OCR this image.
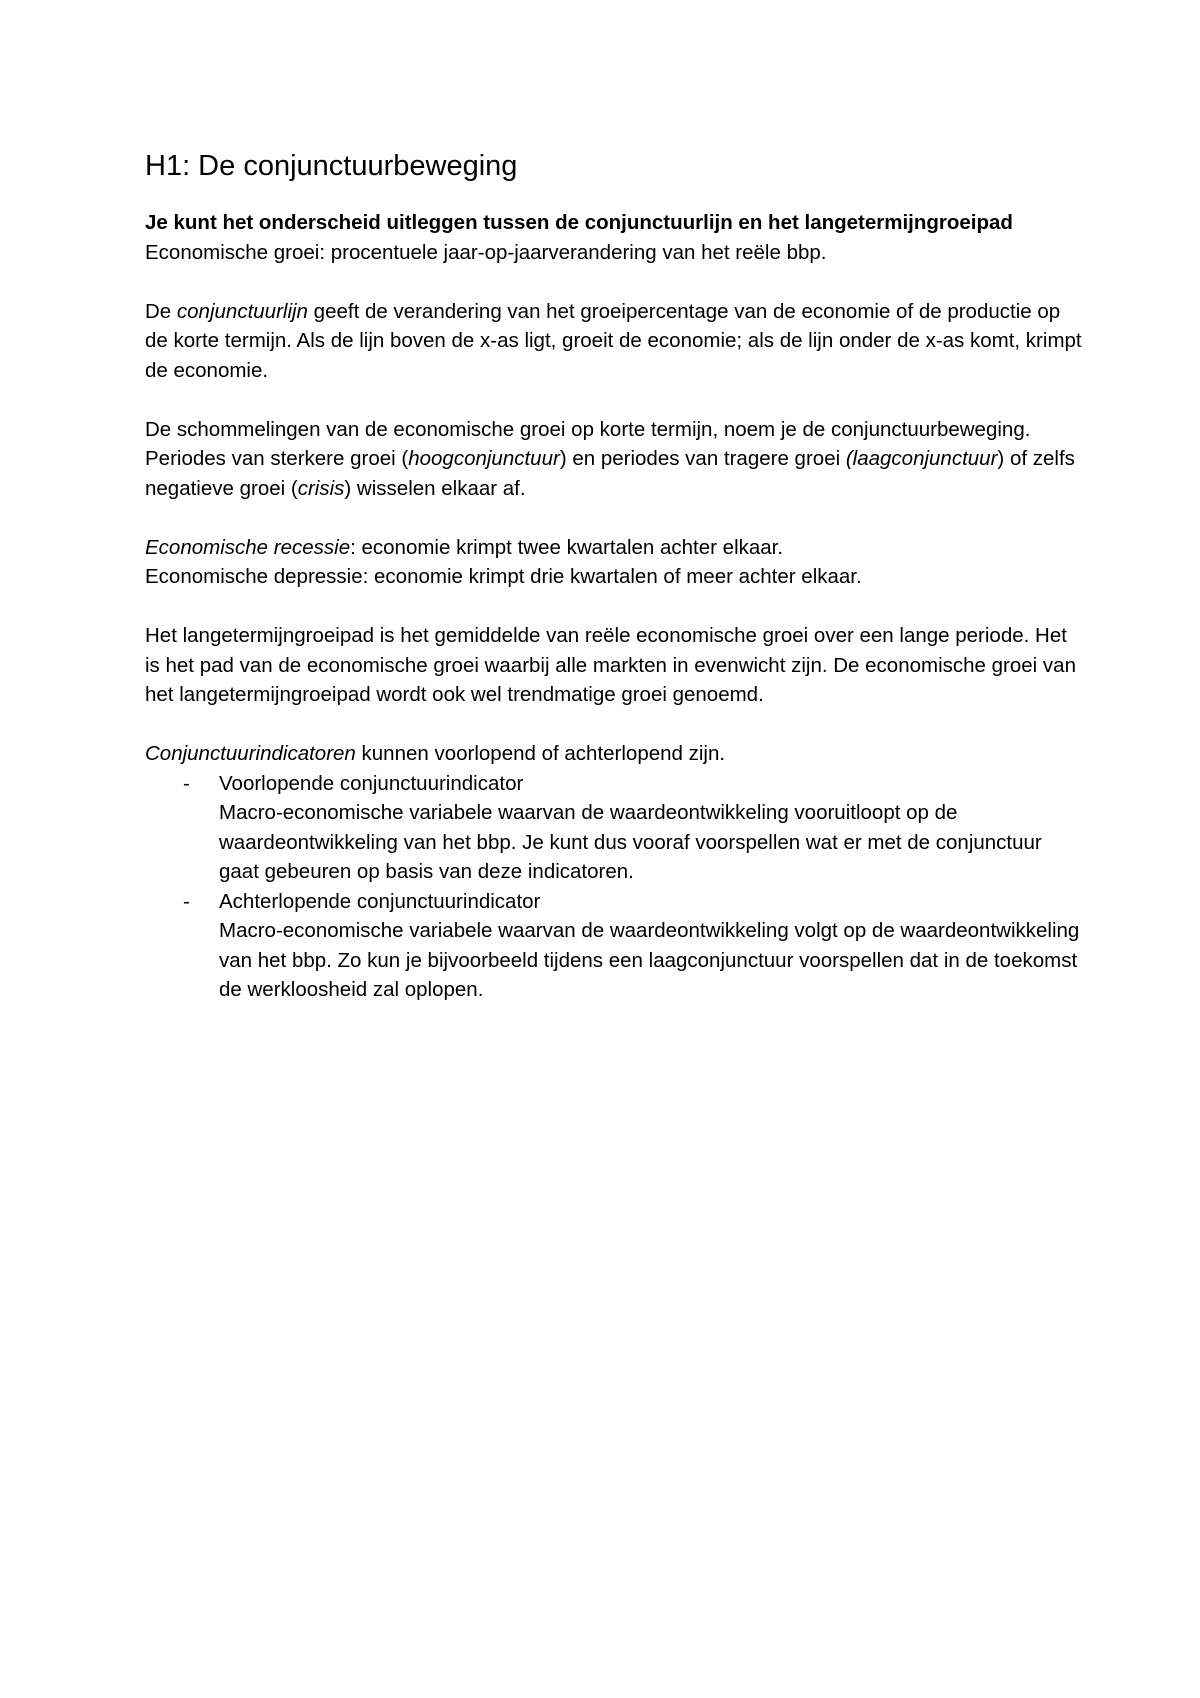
H1: De conjunctuurbeweging

Je kunt het onderscheid uitleggen tussen de conjunctuurlijn en het langetermijngroeipad

Economische groei: procentuele jaar-op-jaarverandering van het reële bbp.

De conjunctuurlijn geeft de verandering van het groeipercentage van de economie of de productie op de korte termijn. Als de lijn boven de x-as ligt, groeit de economie; als de lijn onder de x-as komt, krimpt de economie.

De schommelingen van de economische groei op korte termijn, noem je de conjunctuurbeweging. Periodes van sterkere groei (hoogconjunctuur) en periodes van tragere groei (laagconjunctuur) of zelfs negatieve groei (crisis) wisselen elkaar af.

Economische recessie: economie krimpt twee kwartalen achter elkaar.

Economische depressie: economie krimpt drie kwartalen of meer achter elkaar.

Het langetermijngroeipad is het gemiddelde van reële economische groei over een lange periode. Het is het pad van de economische groei waarbij alle markten in evenwicht zijn. De economische groei van het langetermijngroeipad wordt ook wel trendmatige groei genoemd.

Conjunctuurindicatoren kunnen voorlopend of achterlopend zijn.

- Voorlopende conjunctuurindicator

Macro-economische variabele waarvan de waardeontwikkeling vooruitloopt op de waardeontwikkeling van het bbp. Je kunt dus vooraf voorspellen wat er met de conjunctuur gaat gebeuren op basis van deze indicatoren.

- Achterlopende conjunctuurindicator

Macro-economische variabele waarvan de waardeontwikkeling volgt op de waardeontwikkeling van het bbp. Zo kun je bijvoorbeeld tijdens een laagconjunctuur voorspellen dat in de toekomst de werkloosheid zal oplopen.
